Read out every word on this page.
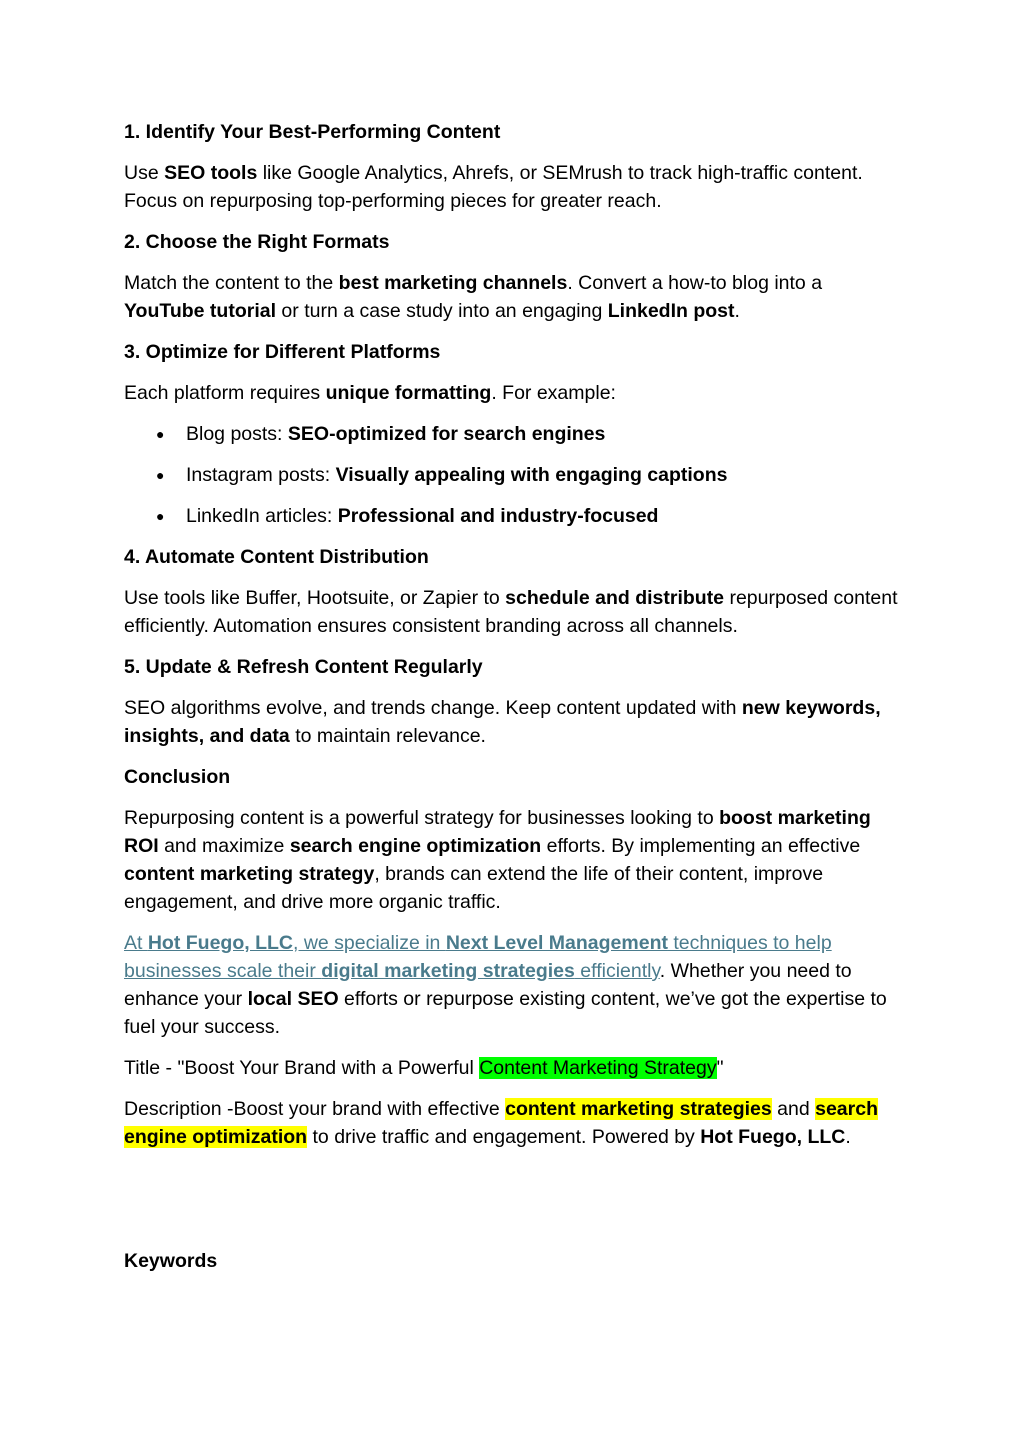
1. Identify Your Best-Performing Content

Use SEO tools like Google Analytics, Ahrefs, or SEMrush to track high-traffic content. Focus on repurposing top-performing pieces for greater reach.

2. Choose the Right Formats

Match the content to the best marketing channels. Convert a how-to blog into a YouTube tutorial or turn a case study into an engaging LinkedIn post.

3. Optimize for Different Platforms

Each platform requires unique formatting. For example:

● Blog posts: SEO-optimized for search engines
● Instagram posts: Visually appealing with engaging captions
● LinkedIn articles: Professional and industry-focused
4. Automate Content Distribution

Use tools like Buffer, Hootsuite, or Zapier to schedule and distribute repurposed content efficiently. Automation ensures consistent branding across all channels.

5. Update & Refresh Content Regularly

SEO algorithms evolve, and trends change. Keep content updated with new keywords, insights, and data to maintain relevance.

Conclusion

Repurposing content is a powerful strategy for businesses looking to boost marketing ROI and maximize search engine optimization efforts. By implementing an effective content marketing strategy, brands can extend the life of their content, improve engagement, and drive more organic traffic.

At Hot Fuego, LLC, we specialize in Next Level Management techniques to help businesses scale their digital marketing strategies efficiently. Whether you need to enhance your local SEO efforts or repurpose existing content, we’ve got the expertise to fuel your success.

Title - "Boost Your Brand with a Powerful Content Marketing Strategy"

Description -Boost your brand with effective content marketing strategies and search engine optimization to drive traffic and engagement. Powered by Hot Fuego, LLC.

Keywords
